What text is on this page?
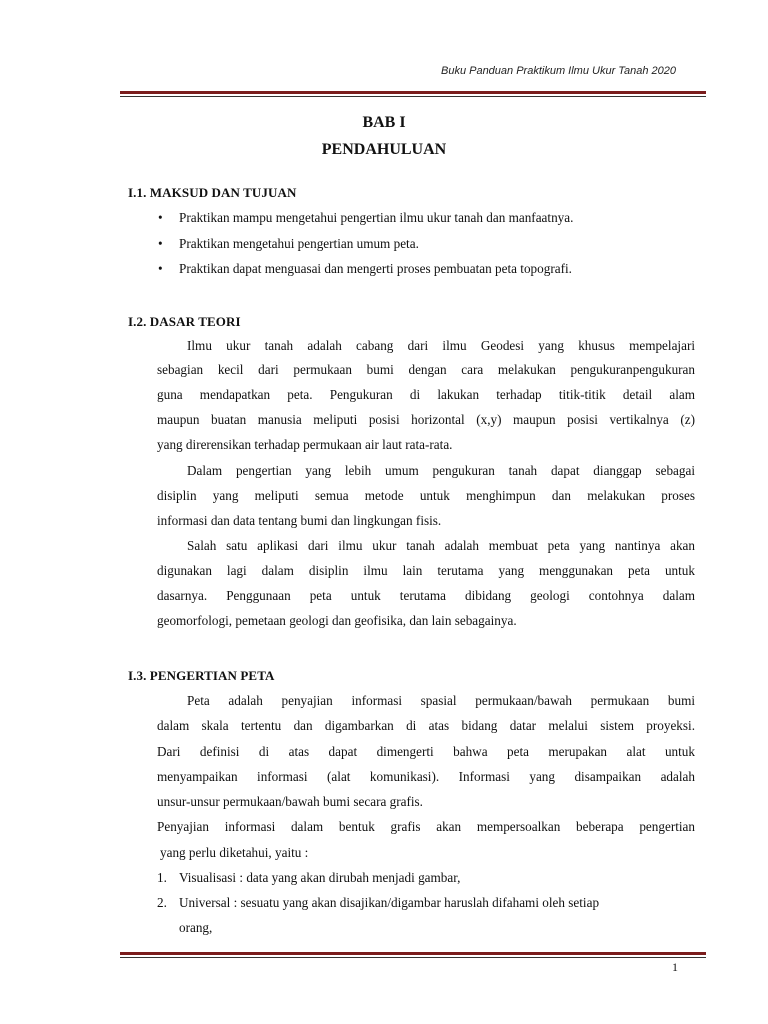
Buku Panduan Praktikum Ilmu Ukur Tanah 2020
BAB I
PENDAHULUAN
I.1. MAKSUD DAN TUJUAN
• Praktikan mampu mengetahui pengertian ilmu ukur tanah dan manfaatnya.
• Praktikan mengetahui pengertian umum peta.
• Praktikan dapat menguasai dan mengerti proses pembuatan peta topografi.
I.2. DASAR TEORI
Ilmu ukur tanah adalah cabang dari ilmu Geodesi yang khusus mempelajari
sebagian kecil dari permukaan bumi dengan cara melakukan pengukuranpengukuran
guna mendapatkan peta. Pengukuran di lakukan terhadap titik-titik detail alam
maupun buatan manusia meliputi posisi horizontal (x,y) maupun posisi vertikalnya (z)
yang direrensikan terhadap permukaan air laut rata-rata.
Dalam pengertian yang lebih umum pengukuran tanah dapat dianggap sebagai
disiplin yang meliputi semua metode untuk menghimpun dan melakukan proses
informasi dan data tentang bumi dan lingkungan fisis.
Salah satu aplikasi dari ilmu ukur tanah adalah membuat peta yang nantinya akan
digunakan lagi dalam disiplin ilmu lain terutama yang menggunakan peta untuk
dasarnya. Penggunaan peta untuk terutama dibidang geologi contohnya dalam
geomorfologi, pemetaan geologi dan geofisika, dan lain sebagainya.
I.3. PENGERTIAN PETA
Peta adalah penyajian informasi spasial permukaan/bawah permukaan bumi
dalam skala tertentu dan digambarkan di atas bidang datar melalui sistem proyeksi.
Dari definisi di atas dapat dimengerti bahwa peta merupakan alat untuk
menyampaikan informasi (alat komunikasi). Informasi yang disampaikan adalah
unsur-unsur permukaan/bawah bumi secara grafis.
Penyajian informasi dalam bentuk grafis akan mempersoalkan beberapa pengertian
yang perlu diketahui, yaitu :
1. Visualisasi : data yang akan dirubah menjadi gambar,
2. Universal : sesuatu yang akan disajikan/digambar haruslah difahami oleh setiap
orang,
1
